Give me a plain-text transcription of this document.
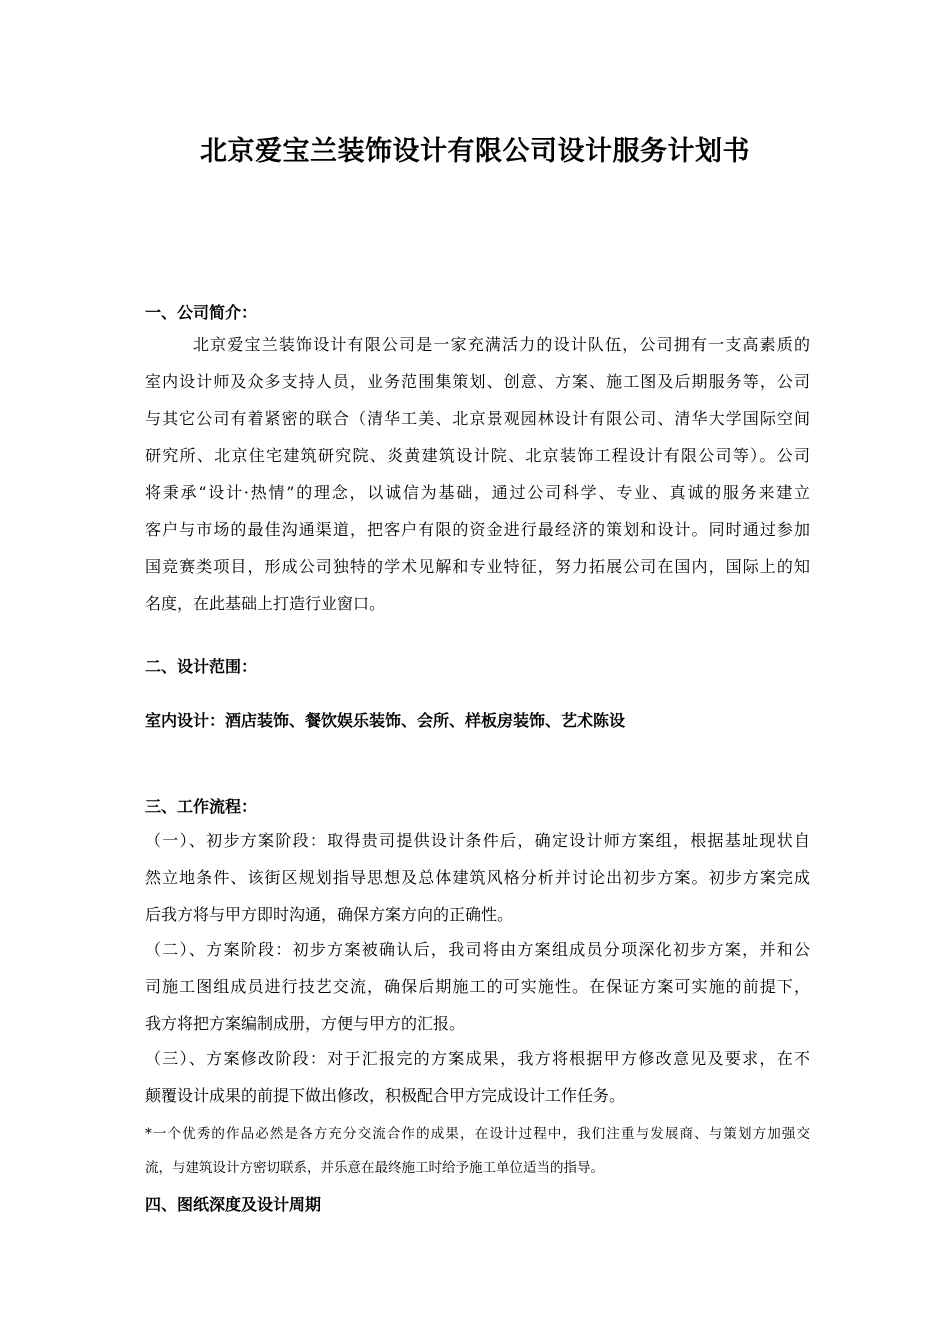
北京爱宝兰装饰设计有限公司设计服务计划书
一、公司简介：
北京爱宝兰装饰设计有限公司是一家充满活力的设计队伍，公司拥有一支高素质的
室内设计师及众多支持人员，业务范围集策划、创意、方案、施工图及后期服务等，公司
与其它公司有着紧密的联合（清华工美、北京景观园林设计有限公司、清华大学国际空间
研究所、北京住宅建筑研究院、炎黄建筑设计院、北京装饰工程设计有限公司等）。公司
将秉承“设计·热情”的理念，以诚信为基础，通过公司科学、专业、真诚的服务来建立
客户与市场的最佳沟通渠道，把客户有限的资金进行最经济的策划和设计。同时通过参加
国竞赛类项目，形成公司独特的学术见解和专业特征，努力拓展公司在国内，国际上的知
名度，在此基础上打造行业窗口。
二、设计范围：
室内设计：酒店装饰、餐饮娱乐装饰、会所、样板房装饰、艺术陈设
三、工作流程：
（一）、初步方案阶段：取得贵司提供设计条件后，确定设计师方案组，根据基址现状自
然立地条件、该街区规划指导思想及总体建筑风格分析并讨论出初步方案。初步方案完成
后我方将与甲方即时沟通，确保方案方向的正确性。
（二）、方案阶段：初步方案被确认后，我司将由方案组成员分项深化初步方案，并和公
司施工图组成员进行技艺交流，确保后期施工的可实施性。在保证方案可实施的前提下，
我方将把方案编制成册，方便与甲方的汇报。
（三）、方案修改阶段：对于汇报完的方案成果，我方将根据甲方修改意见及要求，在不
颠覆设计成果的前提下做出修改，积极配合甲方完成设计工作任务。
*一个优秀的作品必然是各方充分交流合作的成果，在设计过程中，我们注重与发展商、与策划方加强交
流，与建筑设计方密切联系，并乐意在最终施工时给予施工单位适当的指导。
四、图纸深度及设计周期
